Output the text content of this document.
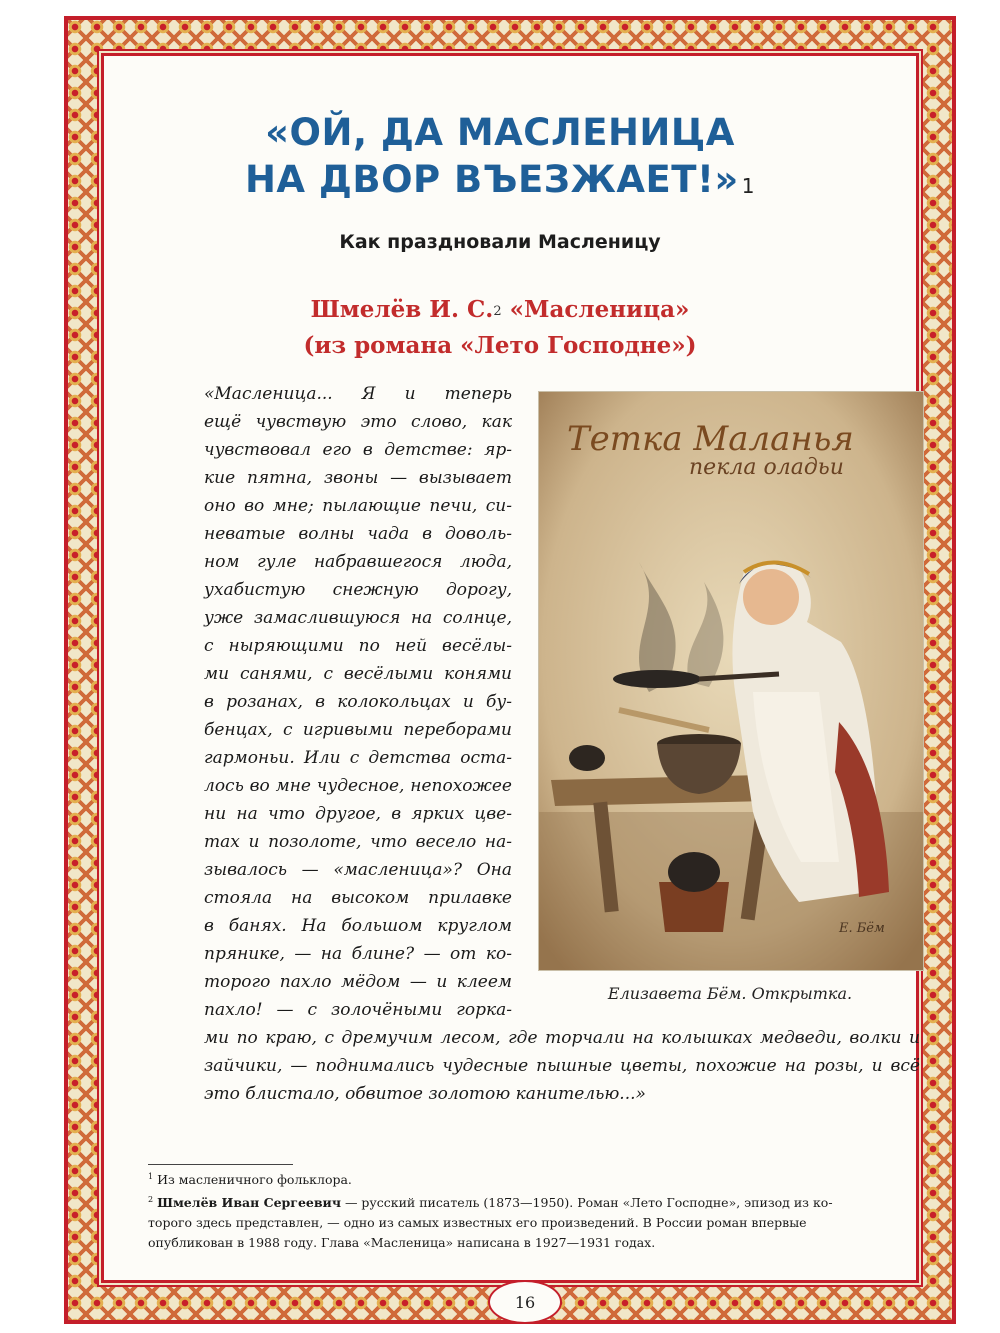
«ОЙ, ДА МАСЛЕНИЦА
НА ДВОР ВЪЕЗЖАЕТ!» $^1$
Как праздновали Масленицу
Шмелёв И. С.$^2$ «Масленица»
(из романа «Лето Господне»)
«Масленица... Я и теперь
ещё чувствую это слово, как
чувствовал его в детстве: яр-
кие пятна, звоны — вызывает
оно во мне; пылающие печи, си-
неватые волны чада в доволь-
ном гуле набравшегося люда,
ухабистую снежную дорогу,
уже замаслившуюся на солнце,
с ныряющими по ней весёлы-
ми санями, с весёлыми конями
в розанах, в колокольцах и бу-
бенцах, с игривыми переборами
гармоньи. Или с детства оста-
лось во мне чудесное, непохожее
ни на что другое, в ярких цве-
тах и позолоте, что весело на-
зывалось — «масленица»? Она
стояла на высоком прилавке
в банях. На большом круглом
прянике, — на блине? — от ко-
торого пахло мёдом — и клеем
пахло! — с золочёными горка-
ми по краю, с дремучим лесом, где торчали на колышках медведи, волки и
зайчики, — поднимались чудесные пышные цветы, похожие на розы, и всё
это блистало, обвитое золотою канителью...»
Тетка Маланья
пекла оладьи
Е. Бём
Елизавета Бём. Открытка.

$^1$ Из масленичного фольклора.

$^2$ Шмелёв Иван Сергеевич — русский писатель (1873—1950). Роман «Лето Господне», эпизод из ко-

торого здесь представлен, — одно из самых известных его произведений. В России роман впервые

опубликован в 1988 году. Глава «Масленица» написана в 1927—1931 годах.

16
